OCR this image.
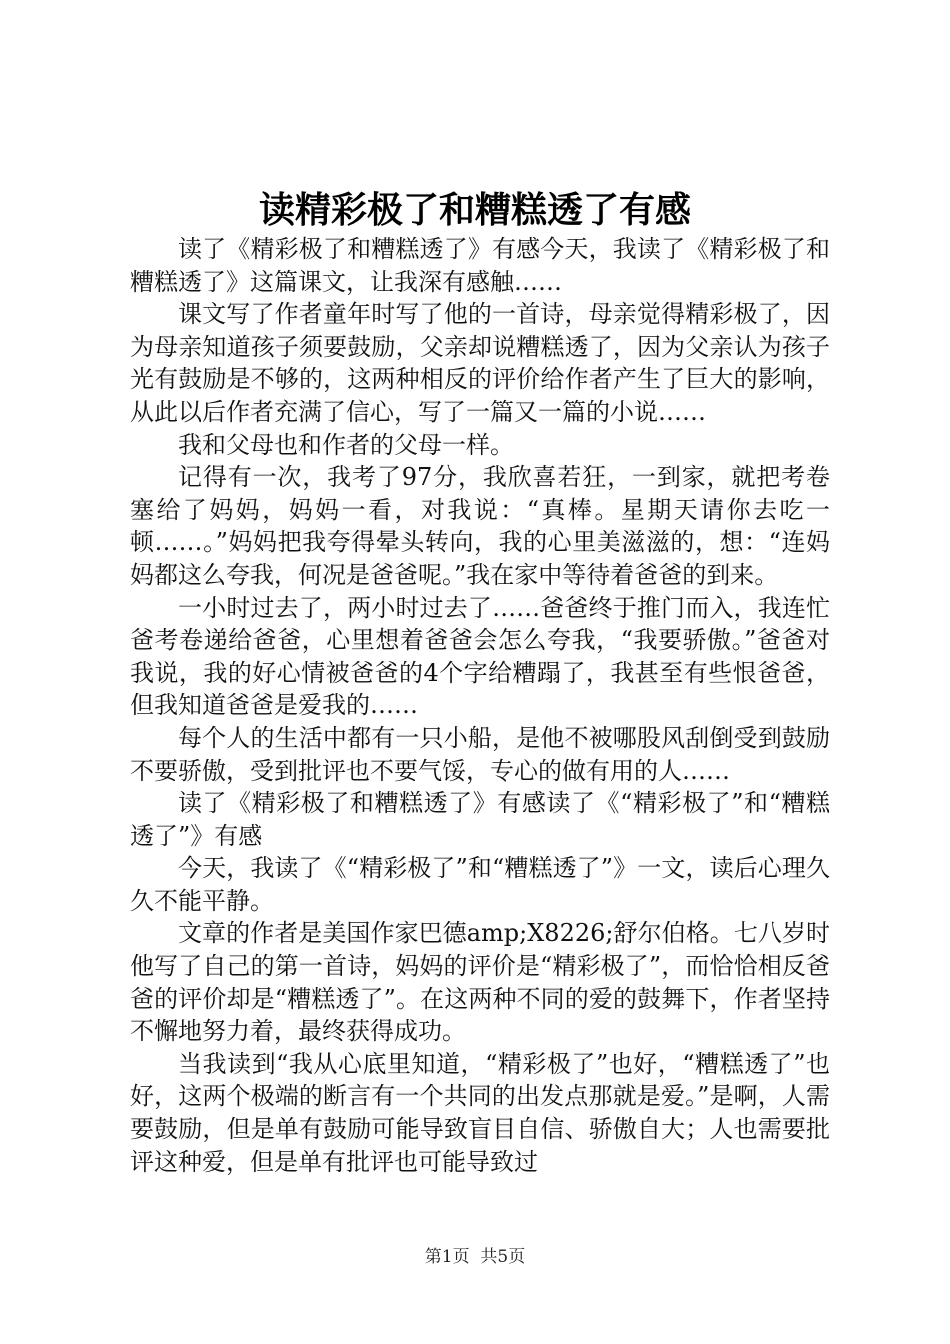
读精彩极了和糟糕透了有感

读了《精彩极了和糟糕透了》有感今天，我读了《精彩极了和糟糕透了》这篇课文，让我深有感触……

课文写了作者童年时写了他的一首诗，母亲觉得精彩极了，因为母亲知道孩子须要鼓励，父亲却说糟糕透了，因为父亲认为孩子光有鼓励是不够的，这两种相反的评价给作者产生了巨大的影响，从此以后作者充满了信心，写了一篇又一篇的小说……

我和父母也和作者的父母一样。

记得有一次，我考了97分，我欣喜若狂，一到家，就把考卷塞给了妈妈，妈妈一看，对我说：“真棒。星期天请你去吃一顿……。”妈妈把我夸得晕头转向，我的心里美滋滋的，想：“连妈妈都这么夸我，何况是爸爸呢。”我在家中等待着爸爸的到来。

一小时过去了，两小时过去了……爸爸终于推门而入，我连忙爸考卷递给爸爸，心里想着爸爸会怎么夸我，“我要骄傲。”爸爸对我说，我的好心情被爸爸的4个字给糟蹋了，我甚至有些恨爸爸，但我知道爸爸是爱我的……

每个人的生活中都有一只小船，是他不被哪股风刮倒受到鼓励不要骄傲，受到批评也不要气馁，专心的做有用的人……

读了《精彩极了和糟糕透了》有感读了《“精彩极了”和“糟糕透了”》有感

今天，我读了《“精彩极了”和“糟糕透了”》一文，读后心理久久不能平静。

文章的作者是美国作家巴德amp;X8226;舒尔伯格。七八岁时他写了自己的第一首诗，妈妈的评价是“精彩极了”，而恰恰相反爸爸的评价却是“糟糕透了”。在这两种不同的爱的鼓舞下，作者坚持不懈地努力着，最终获得成功。

当我读到“我从心底里知道，“精彩极了”也好，“糟糕透了”也好，这两个极端的断言有一个共同的出发点那就是爱。”是啊，人需要鼓励，但是单有鼓励可能导致盲目自信、骄傲自大；人也需要批评这种爱，但是单有批评也可能导致过

第1页 共5页
